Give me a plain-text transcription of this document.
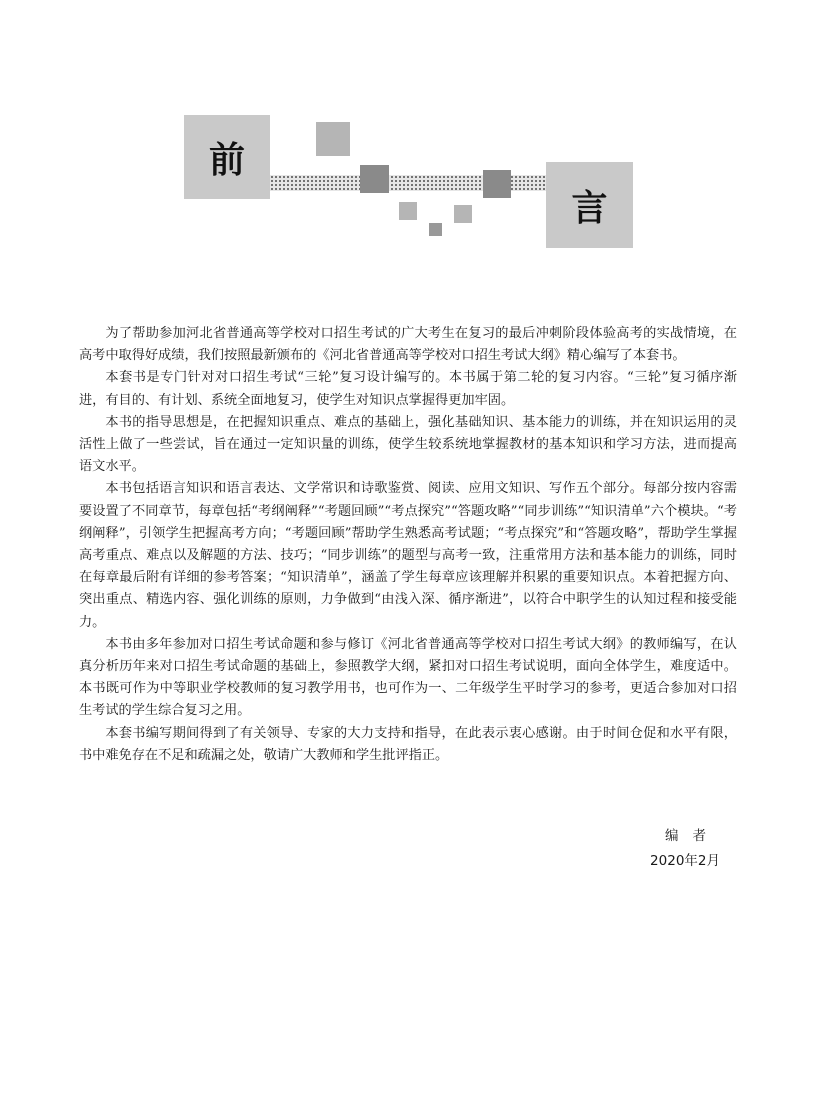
前
言

为了帮助参加河北省普通高等学校对口招生考试的广大考生在复习的最后冲刺阶段体验高考的实战情境，在高考中取得好成绩，我们按照最新颁布的《河北省普通高等学校对口招生考试大纲》精心编写了本套书。

本套书是专门针对对口招生考试“三轮”复习设计编写的。本书属于第二轮的复习内容。“三轮”复习循序渐进，有目的、有计划、系统全面地复习，使学生对知识点掌握得更加牢固。

本书的指导思想是，在把握知识重点、难点的基础上，强化基础知识、基本能力的训练，并在知识运用的灵活性上做了一些尝试，旨在通过一定知识量的训练，使学生较系统地掌握教材的基本知识和学习方法，进而提高语文水平。

本书包括语言知识和语言表达、文学常识和诗歌鉴赏、阅读、应用文知识、写作五个部分。每部分按内容需要设置了不同章节，每章包括“考纲阐释”“考题回顾”“考点探究”“答题攻略”“同步训练”“知识清单”六个模块。“考纲阐释”，引领学生把握高考方向；“考题回顾”帮助学生熟悉高考试题；“考点探究”和“答题攻略”，帮助学生掌握高考重点、难点以及解题的方法、技巧；“同步训练”的题型与高考一致，注重常用方法和基本能力的训练，同时在每章最后附有详细的参考答案；“知识清单”，涵盖了学生每章应该理解并积累的重要知识点。本着把握方向、突出重点、精选内容、强化训练的原则，力争做到“由浅入深、循序渐进”，以符合中职学生的认知过程和接受能力。

本书由多年参加对口招生考试命题和参与修订《河北省普通高等学校对口招生考试大纲》的教师编写，在认真分析历年来对口招生考试命题的基础上，参照教学大纲，紧扣对口招生考试说明，面向全体学生，难度适中。本书既可作为中等职业学校教师的复习教学用书，也可作为一、二年级学生平时学习的参考，更适合参加对口招生考试的学生综合复习之用。

本套书编写期间得到了有关领导、专家的大力支持和指导，在此表示衷心感谢。由于时间仓促和水平有限，书中难免存在不足和疏漏之处，敬请广大教师和学生批评指正。

编者
2020年2月
